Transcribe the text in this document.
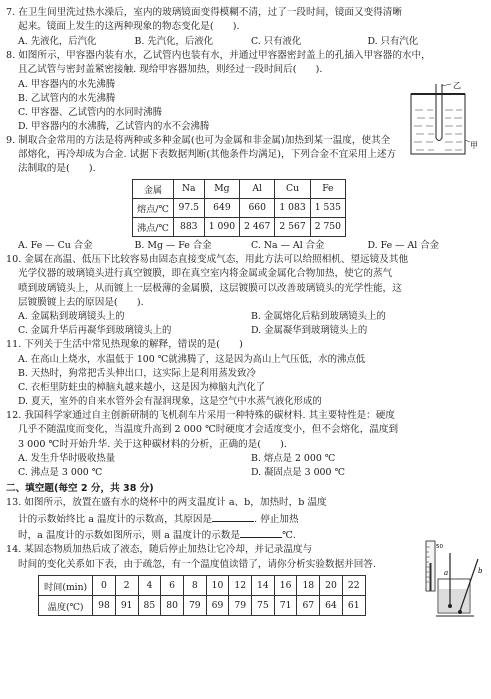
7. 在卫生间里洗过热水澡后，室内的玻璃镜面变得模糊不清，过了一段时间，镜面又变得清晰
起来。镜面上发生的这两种现象的物态变化是(　　).
A. 先液化，后汽化	B. 先汽化，后液化	C. 只有液化	D. 只有汽化
8. 如图所示，甲容器内装有水，乙试管内也装有水，并通过甲容器密封盖上的孔插入甲容器的水中，
且乙试管与密封盖紧密接触. 现给甲容器加热，则经过一段时间后(　　).
A. 甲容器内的水先沸腾
B. 乙试管内的水先沸腾
C. 甲容器、乙试管内的水同时沸腾
D. 甲容器内的水沸腾，乙试管内的水不会沸腾
9. 制取合金常用的方法是将两种或多种金属(也可为金属和非金属)加热到某一温度，使其全
部熔化，再冷却成为合金. 试据下表数据判断(其他条件均满足)，下列合金不宜采用上述方
法制取的是(　　).
金属	Na	Mg	Al	Cu	Fe
熔点/℃	97.5	649	660	1 083	1 535
沸点/℃	883	1 090	2 467	2 567	2 750
A. Fe — Cu 合金	B. Mg — Fe 合金	C. Na — Al 合金	D. Fe — Al 合金
10. 金属在高温、低压下比较容易由固态直接变成气态，用此方法可以给照相机、望远镜及其他
光学仪器的玻璃镜头进行真空镀膜，即在真空室内将金属或金属化合物加热，使它的蒸气
喷到玻璃镜头上，从而镀上一层极薄的金属膜，这层镀膜可以改善玻璃镜头的光学性能，这
层镀膜镀上去的原因是(　　).
A. 金属粘到玻璃镜头上的	B. 金属熔化后粘到玻璃镜头上的
C. 金属升华后再凝华到玻璃镜头上的	D. 金属凝华到玻璃镜头上的
11. 下列关于生活中常见热现象的解释，错误的是(　　)
A. 在高山上烧水，水温低于 100 ℃就沸腾了，这是因为高山上气压低，水的沸点低
B. 天热时，狗常把舌头伸出口，这实际上是利用蒸发致冷
C. 衣柜里防蛀虫的樟脑丸越来越小，这是因为樟脑丸汽化了
D. 夏天，室外的自来水管外会有湿润现象，这是空气中水蒸气液化形成的
12. 我国科学家通过自主创新研制的飞机刹车片采用一种特殊的碳材料. 其主要特性是：硬度
几乎不随温度而变化，当温度升高到 2 000 ℃时硬度才会适度变小，但不会熔化，温度到
3 000 ℃时开始升华. 关于这种碳材料的分析，正确的是(　　).
A. 发生升华时吸收热量	B. 熔点是 2 000 ℃
C. 沸点是 3 000 ℃	D. 凝固点是 3 000 ℃
二、填空题(每空 2 分，共 38 分)
13. 如图所示，放置在盛有水的烧杯中的两支温度计 a、b，加热时，b 温度
计的示数始终比 a 温度计的示数高，其原因是	. 停止加热
时，a 温度计的示数如图所示，则 a 温度计的示数是	℃.
14. 某固态物质加热后成了液态，随后停止加热让它冷却，并记录温度与
时间的变化关系如下表，由于疏忽，有一个温度值读错了，请你分析实验数据并回答.
时间(min)	0	2	4	6	8	10	12	14	16	18	20	22
温度(℃)	98	91	85	80	79	69	79	75	71	67	64	61
乙
甲
50
a	b
